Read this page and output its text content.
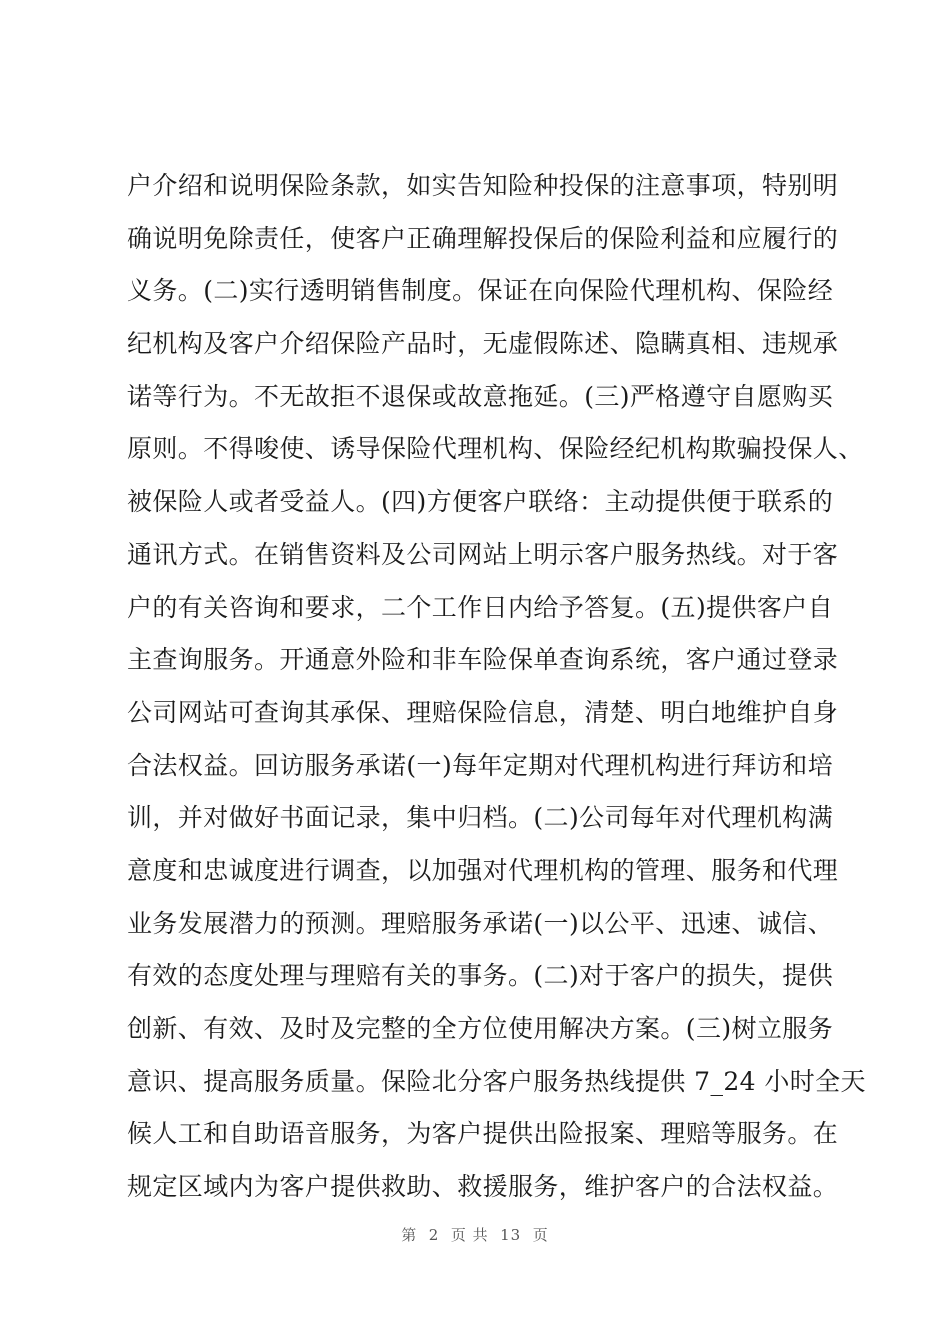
户介绍和说明保险条款，如实告知险种投保的注意事项，特别明
确说明免除责任，使客户正确理解投保后的保险利益和应履行的
义务。(二)实行透明销售制度。保证在向保险代理机构、保险经
纪机构及客户介绍保险产品时，无虚假陈述、隐瞒真相、违规承
诺等行为。不无故拒不退保或故意拖延。(三)严格遵守自愿购买
原则。不得唆使、诱导保险代理机构、保险经纪机构欺骗投保人、
被保险人或者受益人。(四)方便客户联络：主动提供便于联系的
通讯方式。在销售资料及公司网站上明示客户服务热线。对于客
户的有关咨询和要求，二个工作日内给予答复。(五)提供客户自
主查询服务。开通意外险和非车险保单查询系统，客户通过登录
公司网站可查询其承保、理赔保险信息，清楚、明白地维护自身
合法权益。回访服务承诺(一)每年定期对代理机构进行拜访和培
训，并对做好书面记录，集中归档。(二)公司每年对代理机构满
意度和忠诚度进行调查，以加强对代理机构的管理、服务和代理
业务发展潜力的预测。理赔服务承诺(一)以公平、迅速、诚信、
有效的态度处理与理赔有关的事务。(二)对于客户的损失，提供
创新、有效、及时及完整的全方位使用解决方案。(三)树立服务
意识、提高服务质量。保险北分客户服务热线提供 7_24 小时全天
候人工和自助语音服务，为客户提供出险报案、理赔等服务。在
规定区域内为客户提供救助、救援服务，维护客户的合法权益。
第  2  页 共  13  页
